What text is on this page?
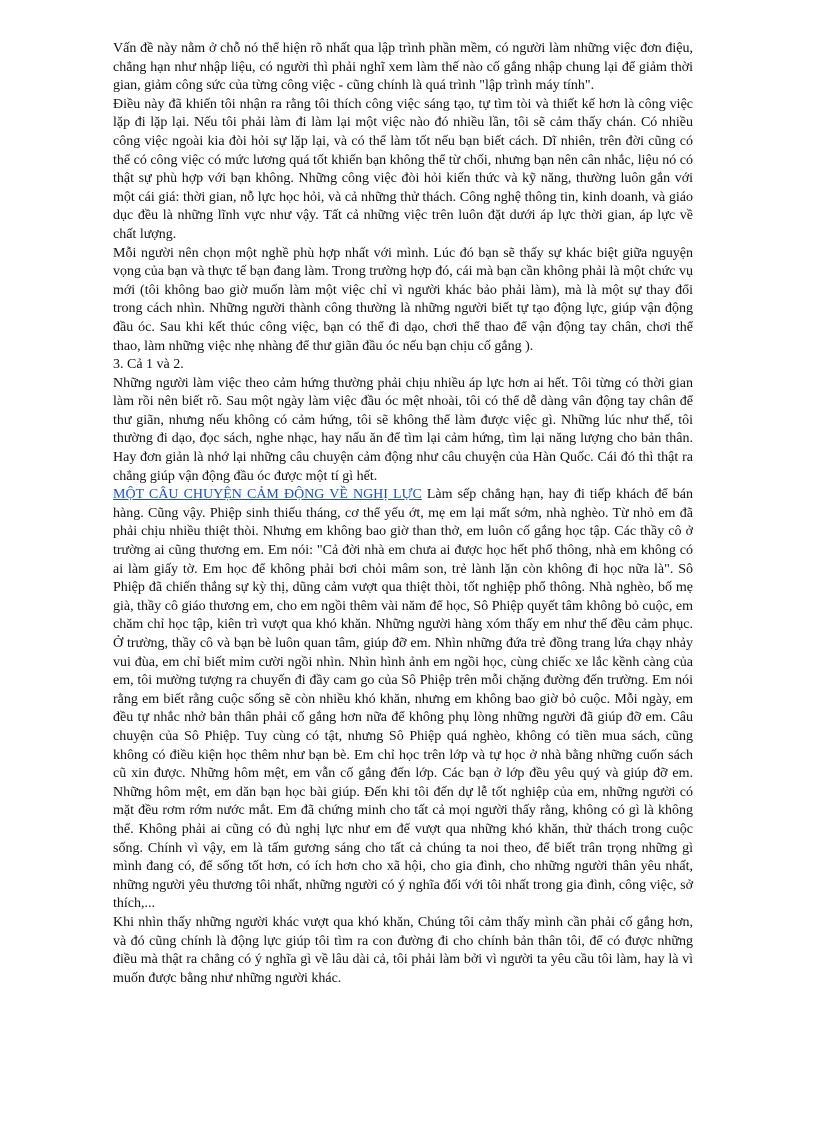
Vấn đề này nằm ở chỗ nó thể hiện rõ nhất qua lập trình phần mềm, có người làm những việc đơn điệu, chẳng hạn như nhập liệu, có người thì phải nghĩ xem làm thế nào cố gắng nhập chung lại để giảm thời gian, giảm công sức của từng công việc - cũng chính là quá trình "lập trình máy tính".

Điều này đã khiến tôi nhận ra rằng tôi thích công việc sáng tạo, tự tìm tòi và thiết kế hơn là công việc lặp đi lặp lại. Nếu tôi phải làm đi làm lại một việc nào đó nhiều lần, tôi sẽ cảm thấy chán. Có nhiều công việc ngoài kia đòi hỏi sự lặp lại, và có thể làm tốt nếu bạn biết cách. Dĩ nhiên, trên đời cũng có thể có công việc có mức lương quá tốt khiến bạn không thể từ chối, nhưng bạn nên cân nhắc, liệu nó có thật sự phù hợp với bạn không. Những công việc đòi hỏi kiến thức và kỹ năng, thường luôn gắn với một cái giá: thời gian, nỗ lực học hỏi, và cả những thử thách. Công nghệ thông tin, kinh doanh, và giáo dục đều là những lĩnh vực như vậy. Tất cả những việc trên luôn đặt dưới áp lực thời gian, áp lực về chất lượng.

Mỗi người nên chọn một nghề phù hợp nhất với mình. Lúc đó bạn sẽ thấy sự khác biệt giữa nguyện vọng của bạn và thực tế bạn đang làm. Trong trường hợp đó, cái mà bạn cần không phải là một chức vụ mới (tôi không bao giờ muốn làm một việc chỉ vì người khác bảo phải làm), mà là một sự thay đổi trong cách nhìn. Những người thành công thường là những người biết tự tạo động lực, giúp vận động đầu óc. Sau khi kết thúc công việc, bạn có thể đi dạo, chơi thể thao để vận động tay chân, chơi thể thao, làm những việc nhẹ nhàng để thư giãn đầu óc nếu bạn chịu cố gắng ).

3. Cả 1 và 2.

Những người làm việc theo cảm hứng thường phải chịu nhiều áp lực hơn ai hết. Tôi từng có thời gian làm rồi nên biết rõ. Sau một ngày làm việc đầu óc mệt nhoài, tôi có thể dễ dàng vân động tay chân để thư giãn, nhưng nếu không có cảm hứng, tôi sẽ không thể làm được việc gì. Những lúc như thế, tôi thường đi dạo, đọc sách, nghe nhạc, hay nấu ăn để tìm lại cảm hứng, tìm lại năng lượng cho bản thân. Hay đơn giản là nhớ lại những câu chuyện cảm động như câu chuyện của Hàn Quốc. Cái đó thì thật ra chẳng giúp vận động đầu óc được một tí gì hết.

MỘT CÂU CHUYỆN CẢM ĐỘNG VỀ NGHỊ LỰC Làm sếp chẳng hạn, hay đi tiếp khách để bán hàng. Cũng vậy. Phiệp sinh thiếu tháng, cơ thể yếu ớt, mẹ em lại mất sớm, nhà nghèo. Từ nhỏ em đã phải chịu nhiều thiệt thòi. Nhưng em không bao giờ than thở, em luôn cố gắng học tập. Các thầy cô ở trường ai cũng thương em. Em nói: "Cả đời nhà em chưa ai được học hết phổ thông, nhà em không có ai làm giấy tờ. Em học để không phải bơi chỏi mâm son, trẻ lành lặn còn không đi học nữa là". Sô Phiệp đã chiến thắng sự kỳ thị, dũng cảm vượt qua thiệt thòi, tốt nghiệp phổ thông. Nhà nghèo, bố mẹ già, thầy cô giáo thương em, cho em ngồi thêm vài năm để học, Sô Phiệp quyết tâm không bỏ cuộc, em chăm chỉ học tập, kiên trì vượt qua khó khăn. Những người hàng xóm thấy em như thế đều cảm phục. Ở trường, thầy cô và bạn bè luôn quan tâm, giúp đỡ em. Nhìn những đứa trẻ đồng trang lứa chạy nhảy vui đùa, em chỉ biết mỉm cười ngồi nhìn. Nhìn hình ảnh em ngồi học, cùng chiếc xe lắc kềnh càng của em, tôi mường tượng ra chuyến đi đầy cam go của Sô Phiệp trên mỗi chặng đường đến trường. Em nói rằng em biết rằng cuộc sống sẽ còn nhiều khó khăn, nhưng em không bao giờ bỏ cuộc. Mỗi ngày, em đều tự nhắc nhở bản thân phải cố gắng hơn nữa để không phụ lòng những người đã giúp đỡ em. Câu chuyện của Sô Phiệp. Tuy cùng có tật, nhưng Sô Phiệp quá nghèo, không có tiền mua sách, cũng không có điều kiện học thêm như bạn bè. Em chỉ học trên lớp và tự học ở nhà bằng những cuốn sách cũ xin được. Những hôm mệt, em vẫn cố gắng đến lớp. Các bạn ở lớp đều yêu quý và giúp đỡ em. Những hôm mệt, em dăn bạn học bài giúp. Đến khi tôi đến dự lễ tốt nghiệp của em, những người có mặt đều rơm rớm nước mắt. Em đã chứng minh cho tất cả mọi người thấy rằng, không có gì là không thể. Không phải ai cũng có đủ nghị lực như em để vượt qua những khó khăn, thử thách trong cuộc sống. Chính vì vậy, em là tấm gương sáng cho tất cả chúng ta noi theo, để biết trân trọng những gì mình đang có, để sống tốt hơn, có ích hơn cho xã hội, cho gia đình, cho những người thân yêu nhất, những người yêu thương tôi nhất, những người có ý nghĩa đối với tôi nhất trong gia đình, công việc, sở thích,...

Khi nhìn thấy những người khác vượt qua khó khăn, Chúng tôi cảm thấy mình cần phải cố gắng hơn, và đó cũng chính là động lực giúp tôi tìm ra con đường đi cho chính bản thân tôi, để có được những điều mà thật ra chẳng có ý nghĩa gì về lâu dài cả, tôi phải làm bởi vì người ta yêu cầu tôi làm, hay là vì muốn được bằng như những người khác.
